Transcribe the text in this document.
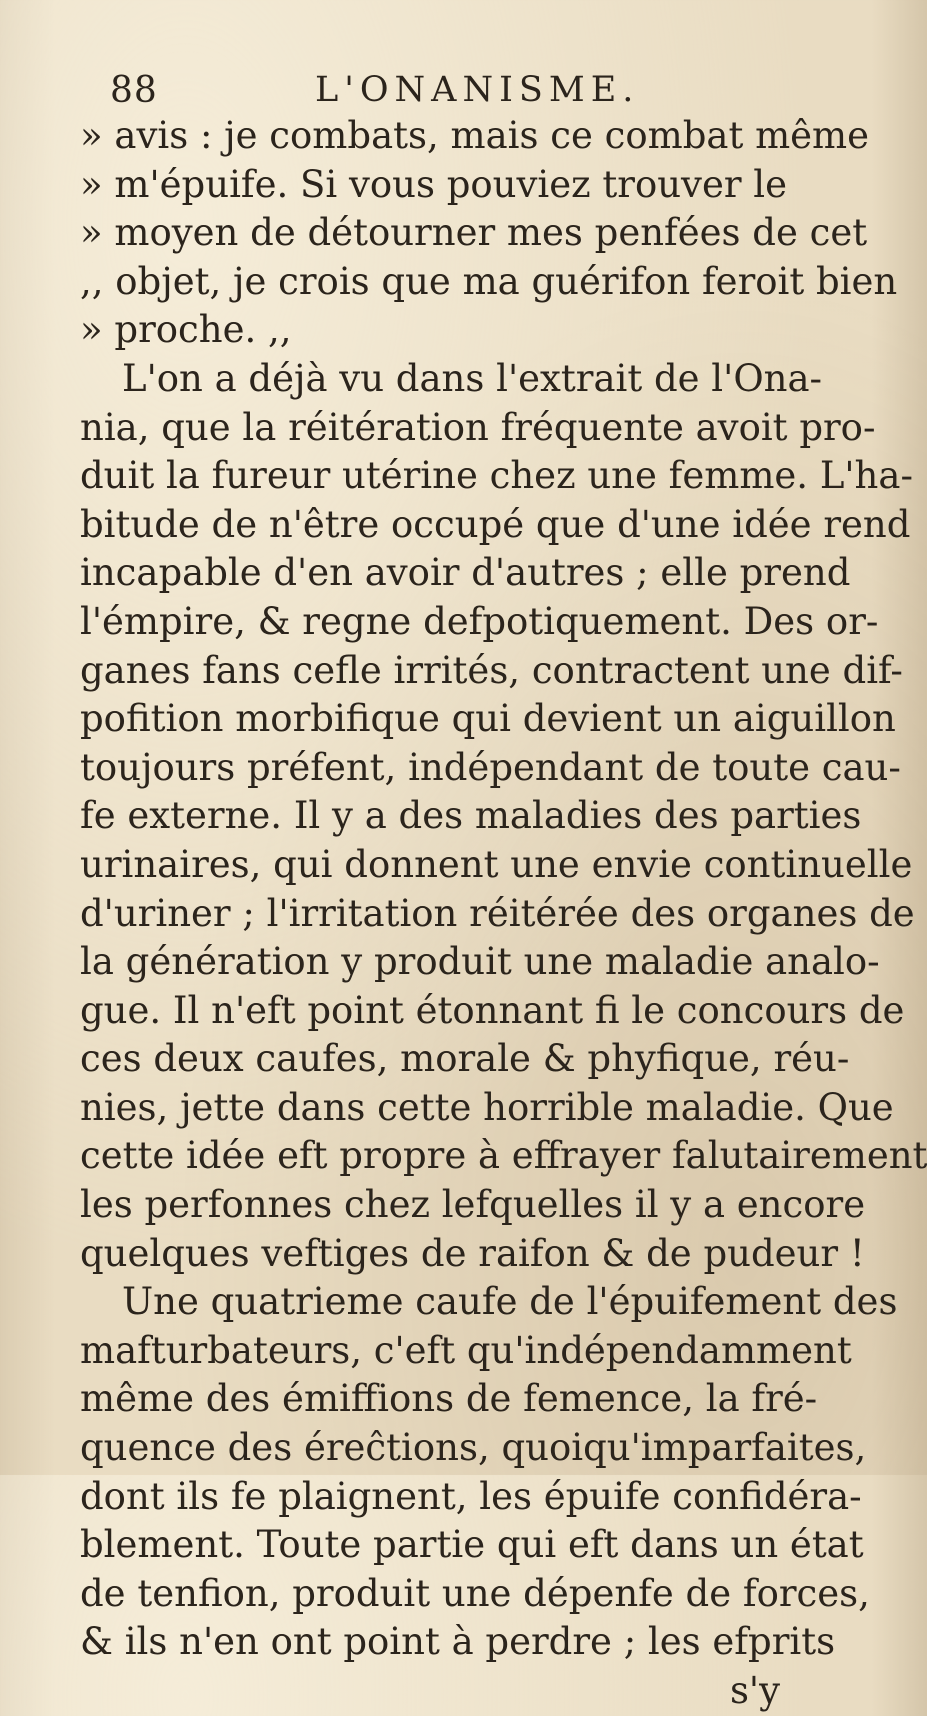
88	L'ONANISME.
» avis : je combats, mais ce combat même
» m'épuife. Si vous pouviez trouver le
» moyen de détourner mes penfées de cet
,, objet, je crois que ma guérifon feroit bien
» proche. ,,
L'on a déjà vu dans l'extrait de l'Ona-
nia, que la réitération fréquente avoit pro-
duit la fureur utérine chez une femme. L'ha-
bitude de n'être occupé que d'une idée rend
incapable d'en avoir d'autres ; elle prend
l'émpire, & regne defpotiquement. Des or-
ganes fans cefle irrités, contractent une dif-
pofition morbifique qui devient un aiguillon
toujours préfent, indépendant de toute cau-
fe externe. Il y a des maladies des parties
urinaires, qui donnent une envie continuelle
d'uriner ; l'irritation réitérée des organes de
la génération y produit une maladie analo-
gue. Il n'eft point étonnant fi le concours de
ces deux caufes, morale & phyfique, réu-
nies, jette dans cette horrible maladie. Que
cette idée eft propre à effrayer falutairement
les perfonnes chez lefquelles il y a encore
quelques veftiges de raifon & de pudeur !
Une quatrieme caufe de l'épuifement des
mafturbateurs, c'eft qu'indépendamment
même des émiffions de femence, la fré-
quence des éreĉtions, quoiqu'imparfaites,
dont ils fe plaignent, les épuife confidéra-
blement. Toute partie qui eft dans un état
de tenfion, produit une dépenfe de forces,
& ils n'en ont point à perdre ; les efprits
s'y
